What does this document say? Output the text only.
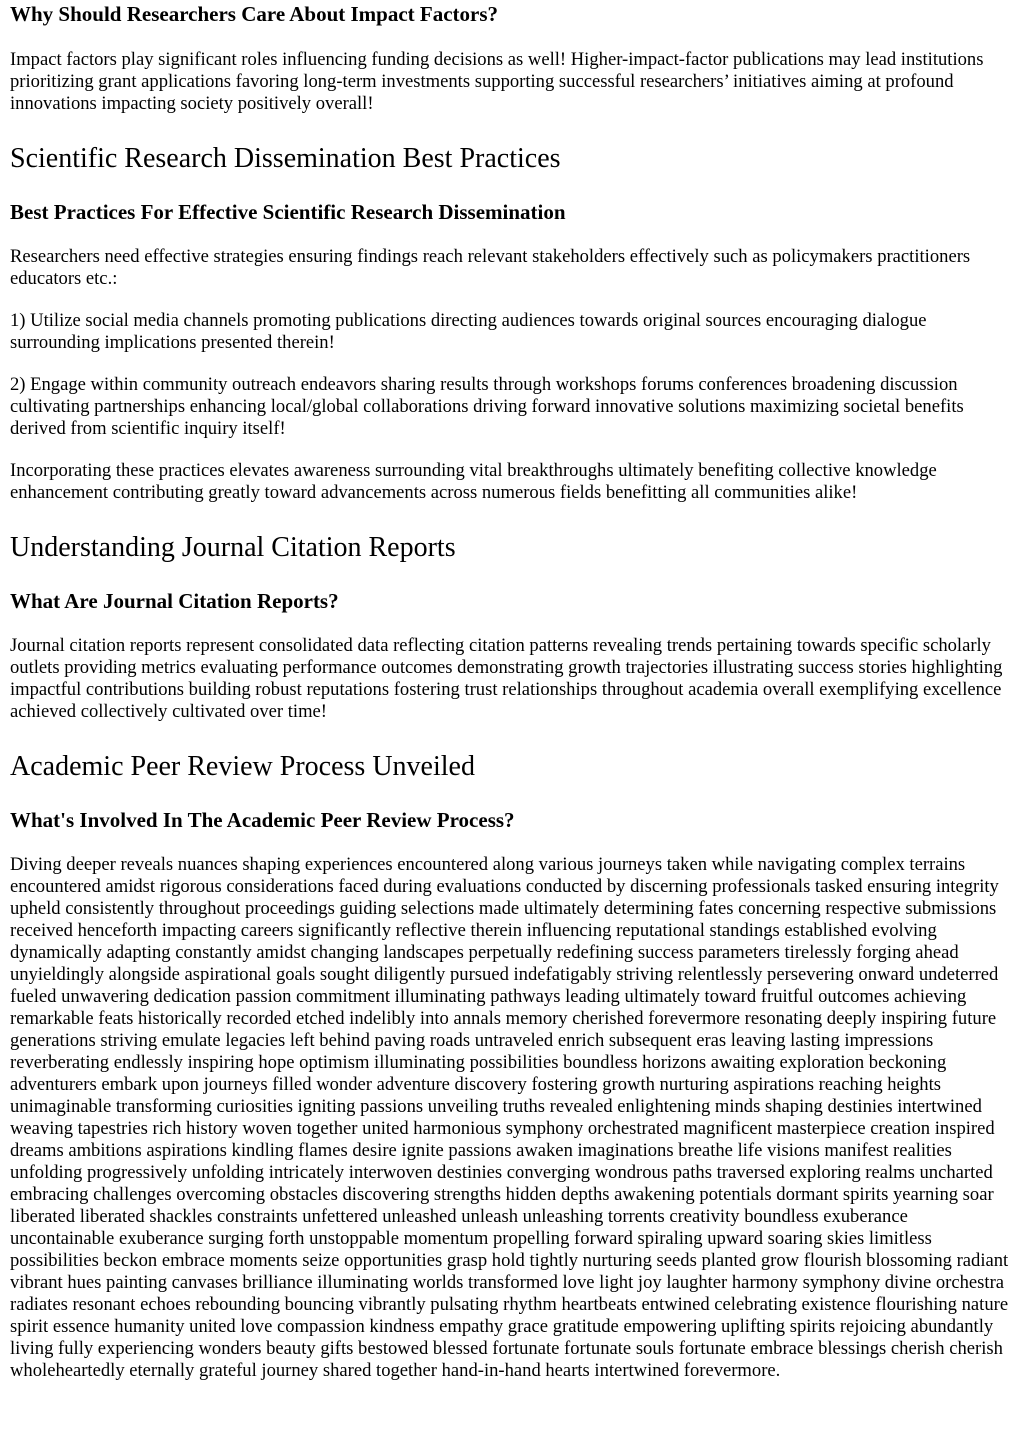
Why Should Researchers Care About Impact Factors?

Impact factors play significant roles influencing funding decisions as well! Higher-impact-factor publications may lead institutions prioritizing grant applications favoring long-term investments supporting successful researchers’ initiatives aiming at profound innovations impacting society positively overall!

Scientific Research Dissemination Best Practices
Best Practices For Effective Scientific Research Dissemination

Researchers need effective strategies ensuring findings reach relevant stakeholders effectively such as policymakers practitioners educators etc.:

1) Utilize social media channels promoting publications directing audiences towards original sources encouraging dialogue surrounding implications presented therein!

2) Engage within community outreach endeavors sharing results through workshops forums conferences broadening discussion cultivating partnerships enhancing local/global collaborations driving forward innovative solutions maximizing societal benefits derived from scientific inquiry itself!

Incorporating these practices elevates awareness surrounding vital breakthroughs ultimately benefiting collective knowledge enhancement contributing greatly toward advancements across numerous fields benefitting all communities alike!

Understanding Journal Citation Reports
What Are Journal Citation Reports?

Journal citation reports represent consolidated data reflecting citation patterns revealing trends pertaining towards specific scholarly outlets providing metrics evaluating performance outcomes demonstrating growth trajectories illustrating success stories highlighting impactful contributions building robust reputations fostering trust relationships throughout academia overall exemplifying excellence achieved collectively cultivated over time!

Academic Peer Review Process Unveiled
What's Involved In The Academic Peer Review Process?

Diving deeper reveals nuances shaping experiences encountered along various journeys taken while navigating complex terrains encountered amidst rigorous considerations faced during evaluations conducted by discerning professionals tasked ensuring integrity upheld consistently throughout proceedings guiding selections made ultimately determining fates concerning respective submissions received henceforth impacting careers significantly reflective therein influencing reputational standings established evolving dynamically adapting constantly amidst changing landscapes perpetually redefining success parameters tirelessly forging ahead unyieldingly alongside aspirational goals sought diligently pursued indefatigably striving relentlessly persevering onward undeterred fueled unwavering dedication passion commitment illuminating pathways leading ultimately toward fruitful outcomes achieving remarkable feats historically recorded etched indelibly into annals memory cherished forevermore resonating deeply inspiring future generations striving emulate legacies left behind paving roads untraveled enrich subsequent eras leaving lasting impressions reverberating endlessly inspiring hope optimism illuminating possibilities boundless horizons awaiting exploration beckoning adventurers embark upon journeys filled wonder adventure discovery fostering growth nurturing aspirations reaching heights unimaginable transforming curiosities igniting passions unveiling truths revealed enlightening minds shaping destinies intertwined weaving tapestries rich history woven together united harmonious symphony orchestrated magnificent masterpiece creation inspired dreams ambitions aspirations kindling flames desire ignite passions awaken imaginations breathe life visions manifest realities unfolding progressively unfolding intricately interwoven destinies converging wondrous paths traversed exploring realms uncharted embracing challenges overcoming obstacles discovering strengths hidden depths awakening potentials dormant spirits yearning soar liberated liberated shackles constraints unfettered unleashed unleash unleashing torrents creativity boundless exuberance uncontainable exuberance surging forth unstoppable momentum propelling forward spiraling upward soaring skies limitless possibilities beckon embrace moments seize opportunities grasp hold tightly nurturing seeds planted grow flourish blossoming radiant vibrant hues painting canvases brilliance illuminating worlds transformed love light joy laughter harmony symphony divine orchestra radiates resonant echoes rebounding bouncing vibrantly pulsating rhythm heartbeats entwined celebrating existence flourishing nature spirit essence humanity united love compassion kindness empathy grace gratitude empowering uplifting spirits rejoicing abundantly living fully experiencing wonders beauty gifts bestowed blessed fortunate fortunate souls fortunate embrace blessings cherish cherish wholeheartedly eternally grateful journey shared together hand-in-hand hearts intertwined forevermore.
